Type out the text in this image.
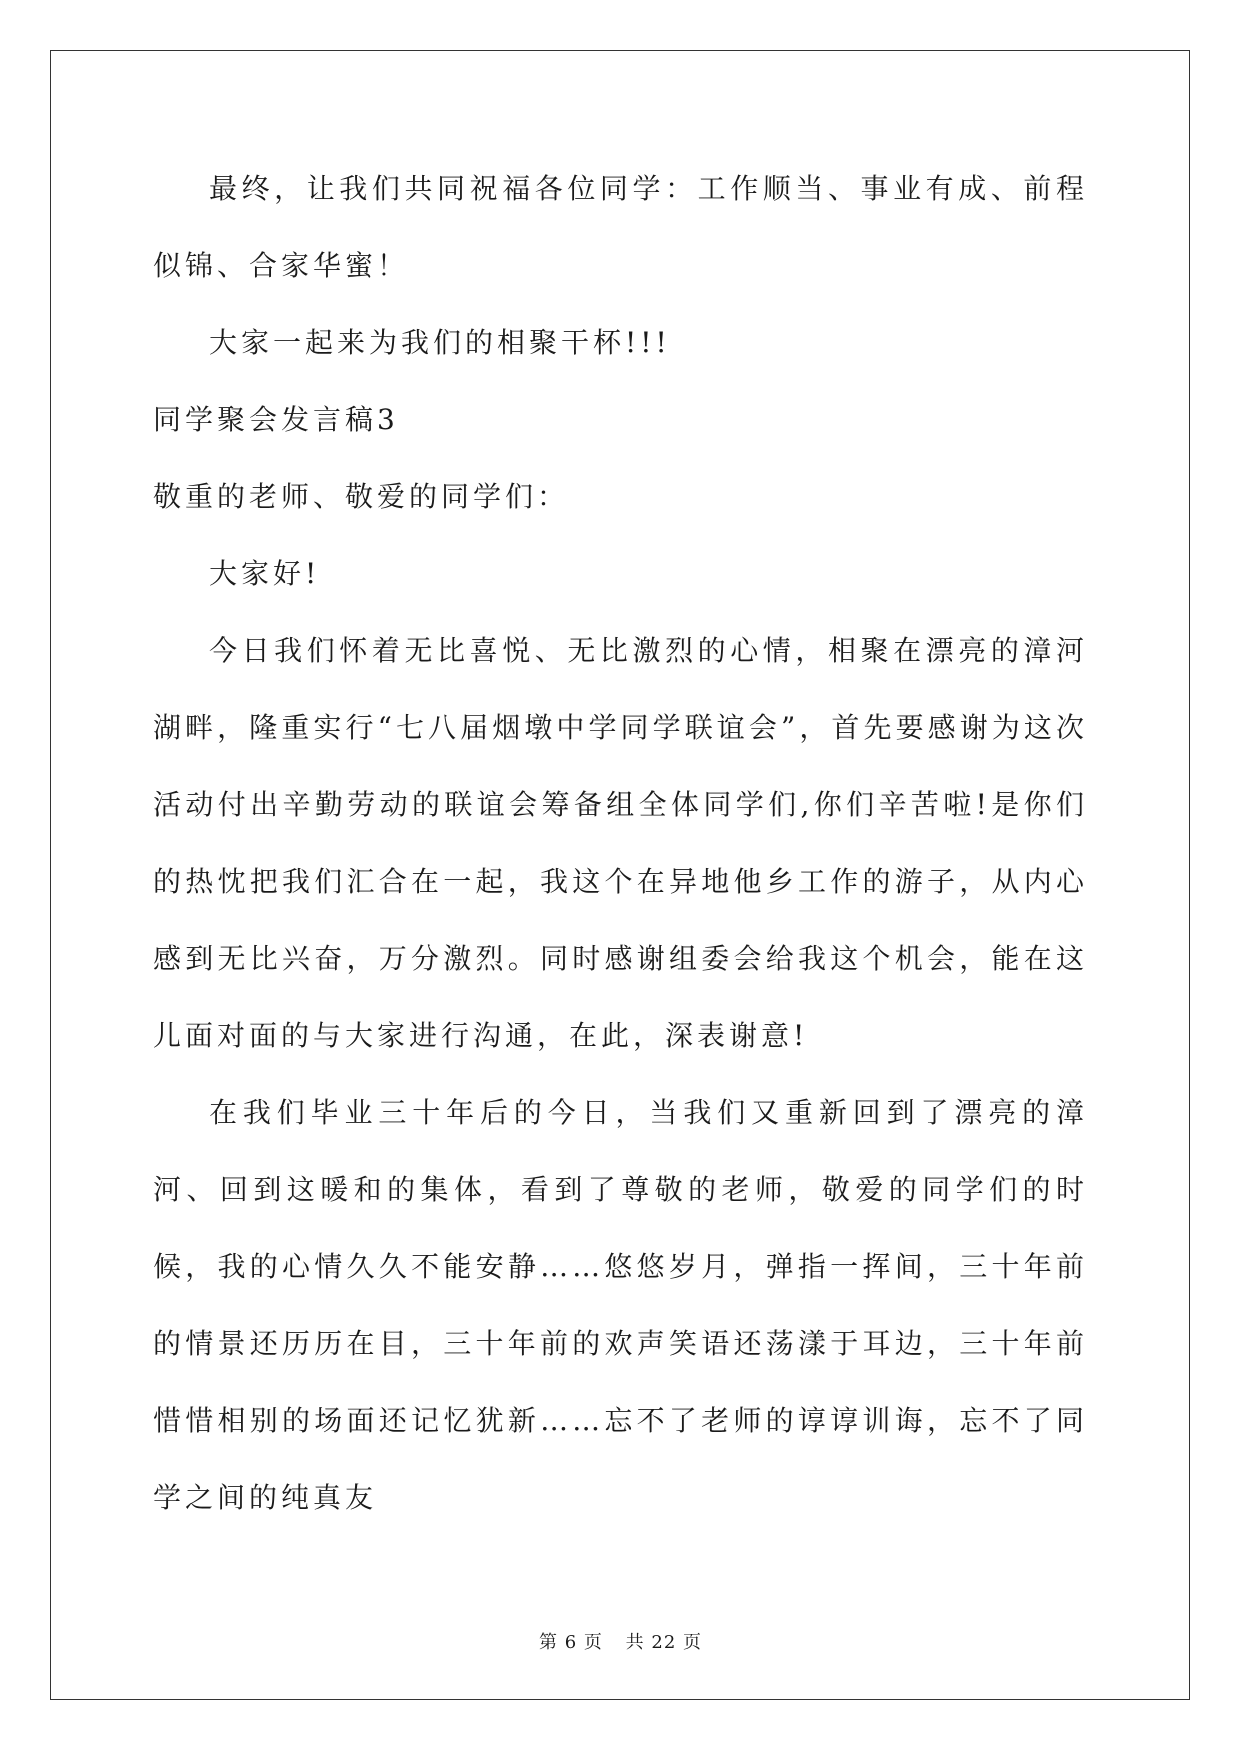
最终，让我们共同祝福各位同学：工作顺当、事业有成、前程似锦、合家华蜜！

大家一起来为我们的相聚干杯!!!

同学聚会发言稿3

敬重的老师、敬爱的同学们：

大家好!

今日我们怀着无比喜悦、无比激烈的心情，相聚在漂亮的漳河湖畔，隆重实行“七八届烟墩中学同学联谊会”，首先要感谢为这次活动付出辛勤劳动的联谊会筹备组全体同学们,你们辛苦啦!是你们的热忱把我们汇合在一起，我这个在异地他乡工作的游子，从内心感到无比兴奋，万分激烈。同时感谢组委会给我这个机会，能在这儿面对面的与大家进行沟通，在此，深表谢意!

在我们毕业三十年后的今日，当我们又重新回到了漂亮的漳河、回到这暖和的集体，看到了尊敬的老师，敬爱的同学们的时候，我的心情久久不能安静……悠悠岁月，弹指一挥间，三十年前的情景还历历在目，三十年前的欢声笑语还荡漾于耳边，三十年前惜惜相别的场面还记忆犹新……忘不了老师的谆谆训诲，忘不了同学之间的纯真友

第 6 页 共 22 页
